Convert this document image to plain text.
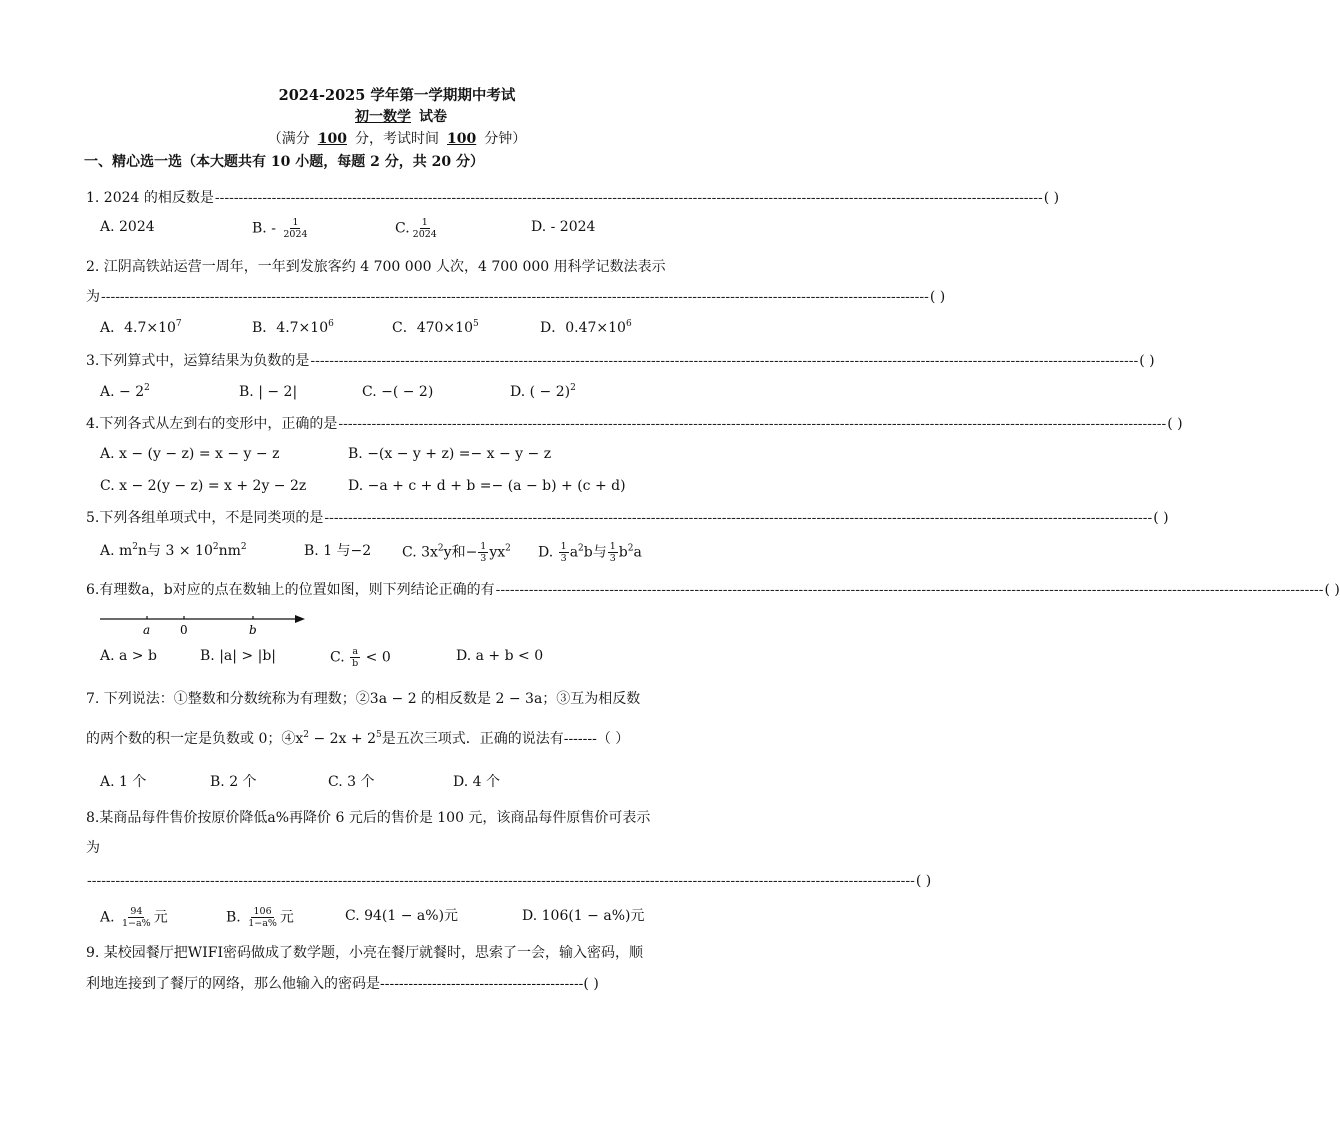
2024-2025 学年第一学期期中考试
初一数学 试卷
（满分 100 分，考试时间 100 分钟）
一、精心选一选（本大题共有 10 小题，每题 2 分，共 20 分）
1. 2024 的相反数是 ------------------------------------------------------------------------------------------------------------------------------------------------------------------------------- ( )
A. 2024	B. - $\frac{1}{2024}$	C. $\frac{1}{2024}$	D. - 2024
2. 江阴高铁站运营一周年，一年到发旅客约 4 700 000 人次，4 700 000 用科学记数法表示
为 ------------------------------------------------------------------------------------------------------------------------------------------------------------------------------- ( )
A．$4.7\times 10^7$	B．$4.7\times 10^6$	C．$470\times 10^5$	D．$0.47\times 10^6$
3.下列算式中，运算结果为负数的是 ------------------------------------------------------------------------------------------------------------------------------------------------------------------------------- ( )
A. − $2^2$	B. | − 2|	C. −( − 2)	D. ( − 2)$^2$
4.下列各式从左到右的变形中，正确的是 ------------------------------------------------------------------------------------------------------------------------------------------------------------------------------- ( )
A. x − (y − z) = x − y − z	B. −(x − y + z) =− x − y − z
C. x − 2(y − z) = x + 2y − 2z	D. −a + c + d + b =− (a − b) + (c + d)
5.下列各组单项式中，不是同类项的是 ------------------------------------------------------------------------------------------------------------------------------------------------------------------------------- ( )
A. $m^2n$与 $3 \times 10^2nm^2$	B. 1 与−2 C. $3x^2y$和− $\frac{1}{3} yx^2$ D. $\frac{1}{3} a^2b$与 $\frac{1}{3} b^2a$
6.有理数a，b对应的点在数轴上的位置如图，则下列结论正确的有 ------------------------------------------------------------------------------------------------------------------------------------------------------------------------------- ( )
a 0	b
A. a > b	B. |a| > |b|	C. $\frac{a}{b} < 0$	D. a + b < 0
7. 下列说法：①整数和分数统称为有理数；②3a − 2 的相反数是 2 − 3a；③互为相反数
的两个数的积一定是负数或 0；$④x^2 - 2x + 2^5$是五次三项式．正确的说法有-------（ ）
A. 1 个	B. 2 个	C. 3 个	D. 4 个
8.某商品每件售价按原价降低a%再降价 6 元后的售价是 100 元，该商品每件原售价可表示
为
------------------------------------------------------------------------------------------------------------------------------------------------------------------------------- ( )
A. $\frac{94}{1-a\%}$ 元	B. $\frac{106}{1-a\%}$ 元	C. 94(1 − a%)元	D. 106(1 − a%)元
9. 某校园餐厅把WIFI密码做成了数学题，小亮在餐厅就餐时，思索了一会，输入密码，顺
利地连接到了餐厅的网络，那么他输入的密码是-------------------------------------------( )
